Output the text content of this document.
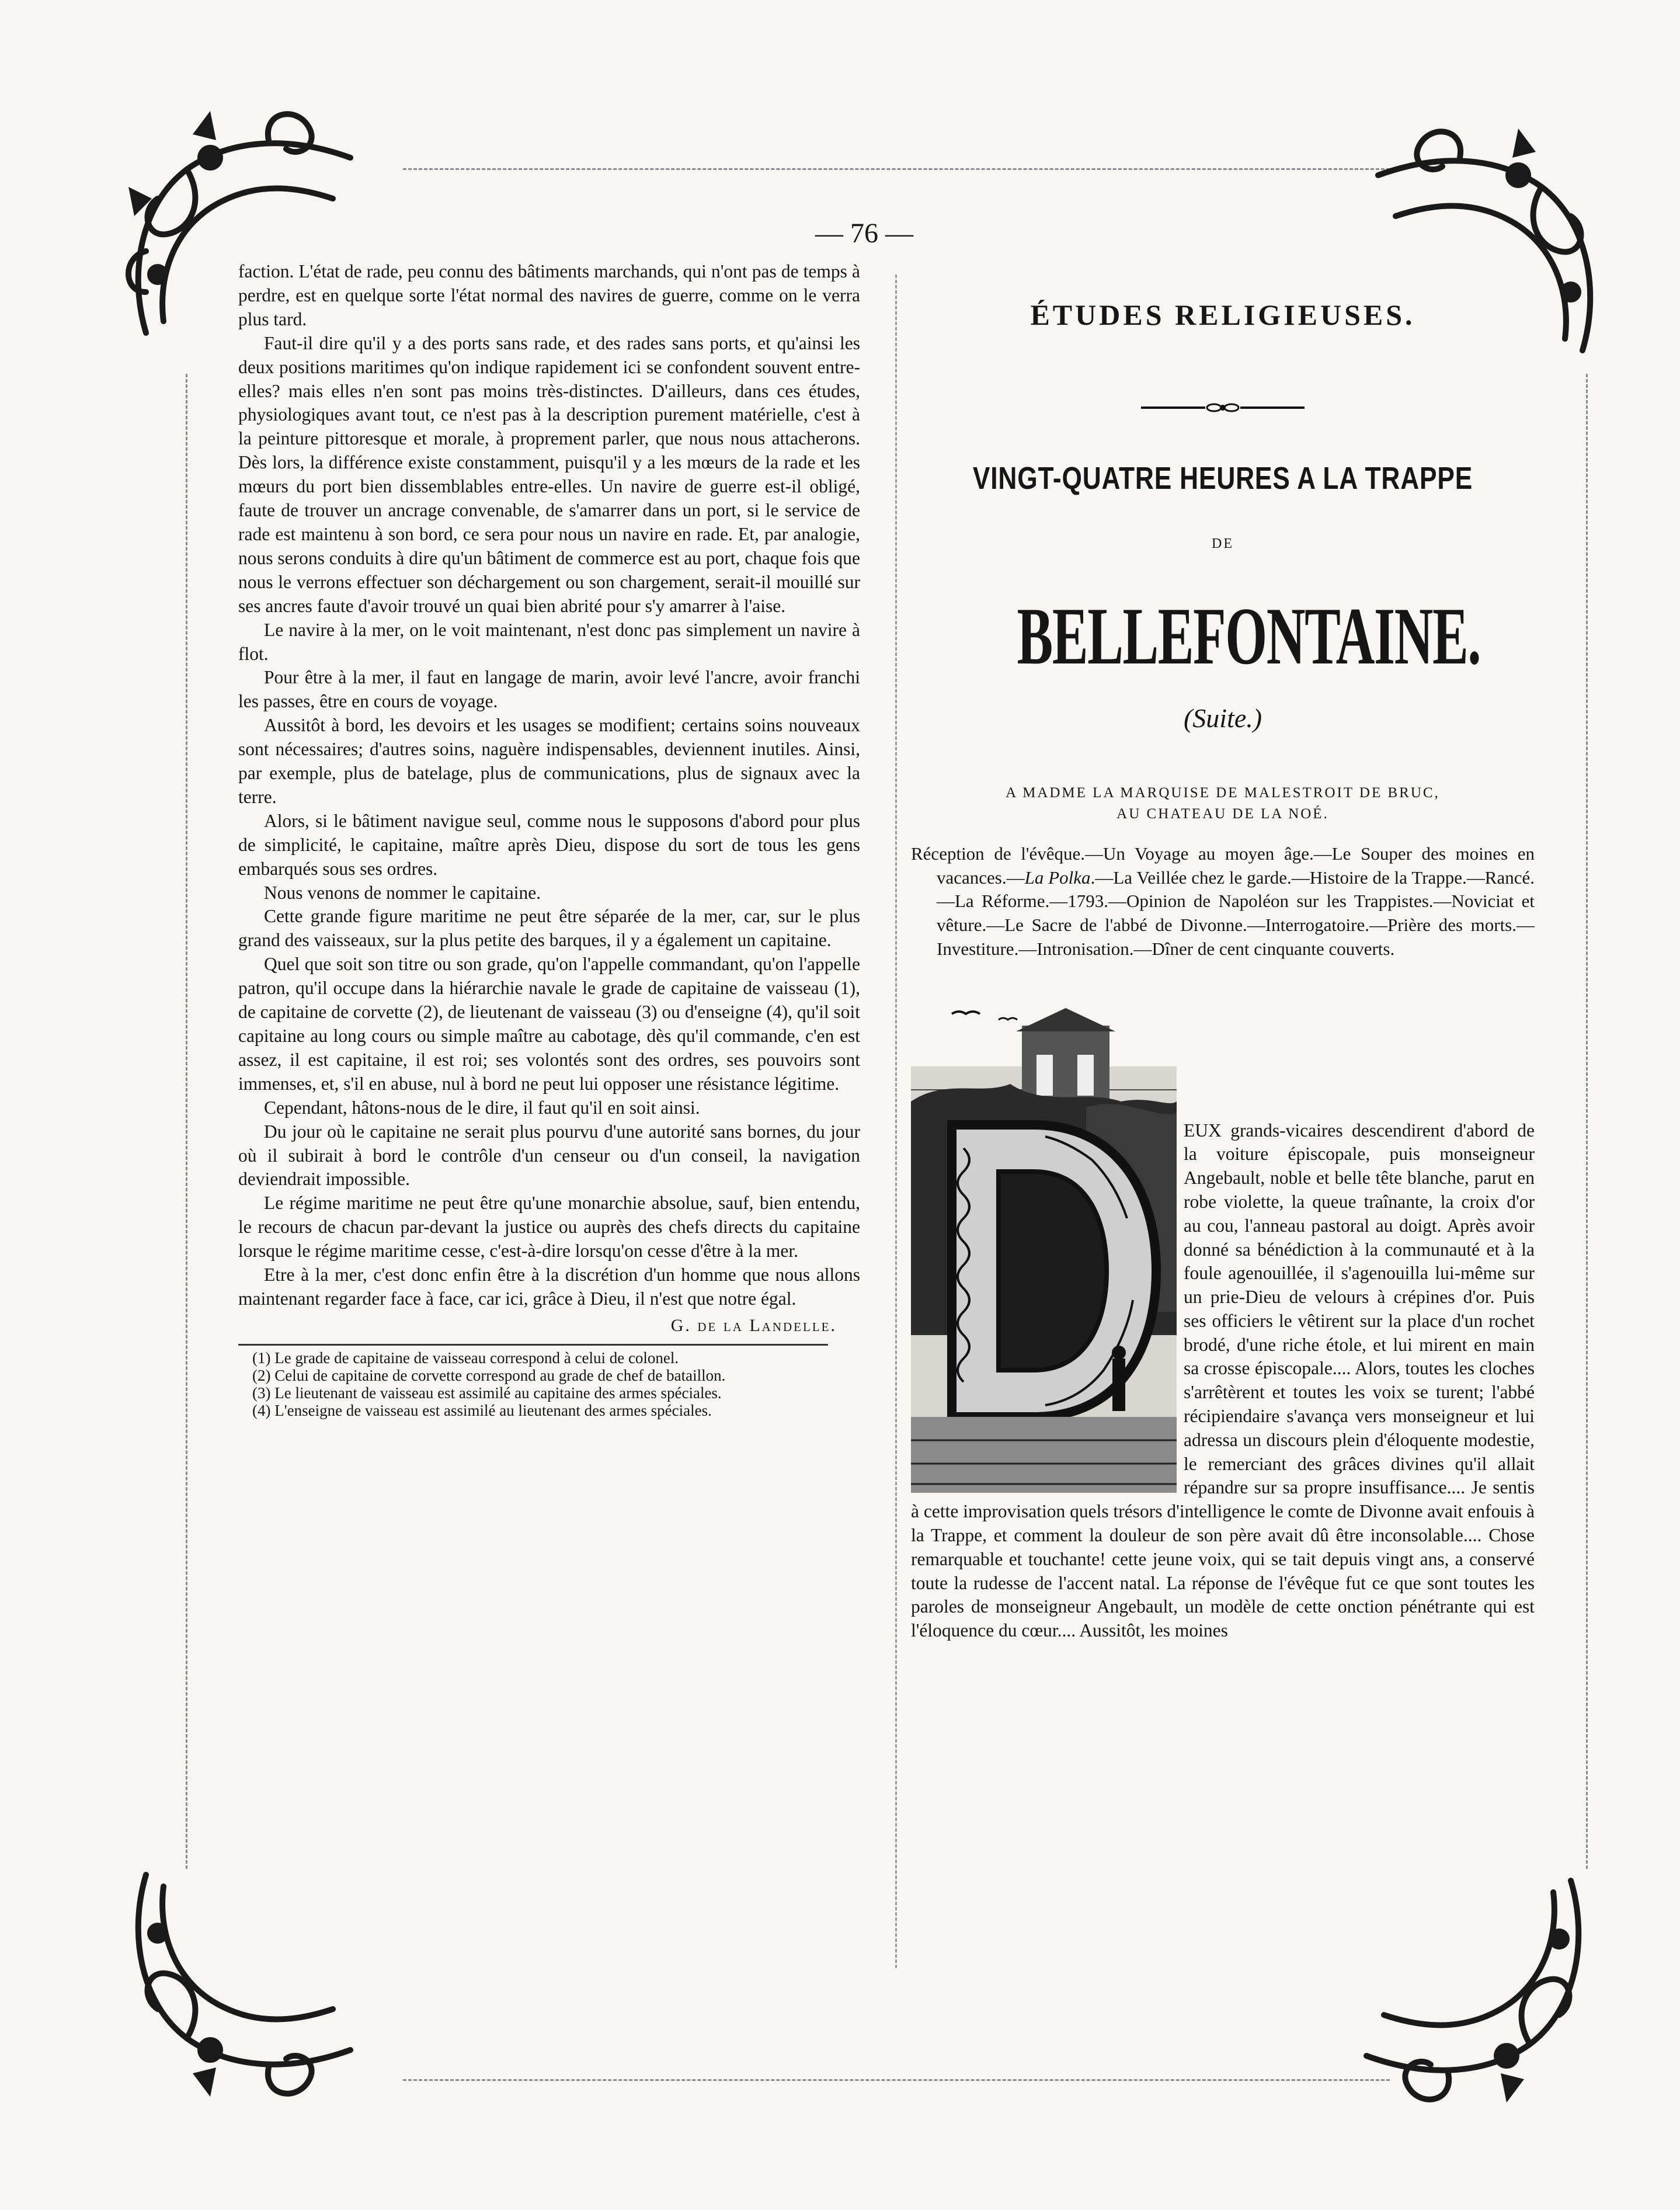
— 76 —

faction. L'état de rade, peu connu des bâtiments marchands, qui n'ont pas de temps à perdre, est en quelque sorte l'état normal des navires de guerre, comme on le verra plus tard.

Faut-il dire qu'il y a des ports sans rade, et des rades sans ports, et qu'ainsi les deux positions maritimes qu'on indique rapidement ici se confondent souvent entre-elles? mais elles n'en sont pas moins très-distinctes. D'ailleurs, dans ces études, physiologiques avant tout, ce n'est pas à la description purement matérielle, c'est à la peinture pittoresque et morale, à proprement parler, que nous nous attacherons. Dès lors, la différence existe constamment, puisqu'il y a les mœurs de la rade et les mœurs du port bien dissemblables entre-elles. Un navire de guerre est-il obligé, faute de trouver un ancrage convenable, de s'amarrer dans un port, si le service de rade est maintenu à son bord, ce sera pour nous un navire en rade. Et, par analogie, nous serons conduits à dire qu'un bâtiment de commerce est au port, chaque fois que nous le verrons effectuer son déchargement ou son chargement, serait-il mouillé sur ses ancres faute d'avoir trouvé un quai bien abrité pour s'y amarrer à l'aise.

Le navire à la mer, on le voit maintenant, n'est donc pas simplement un navire à flot.

Pour être à la mer, il faut en langage de marin, avoir levé l'ancre, avoir franchi les passes, être en cours de voyage.

Aussitôt à bord, les devoirs et les usages se modifient; certains soins nouveaux sont nécessaires; d'autres soins, naguère indispensables, deviennent inutiles. Ainsi, par exemple, plus de batelage, plus de communications, plus de signaux avec la terre.

Alors, si le bâtiment navigue seul, comme nous le supposons d'abord pour plus de simplicité, le capitaine, maître après Dieu, dispose du sort de tous les gens embarqués sous ses ordres.

Nous venons de nommer le capitaine.

Cette grande figure maritime ne peut être séparée de la mer, car, sur le plus grand des vaisseaux, sur la plus petite des barques, il y a également un capitaine.

Quel que soit son titre ou son grade, qu'on l'appelle commandant, qu'on l'appelle patron, qu'il occupe dans la hiérarchie navale le grade de capitaine de vaisseau (1), de capitaine de corvette (2), de lieutenant de vaisseau (3) ou d'enseigne (4), qu'il soit capitaine au long cours ou simple maître au cabotage, dès qu'il commande, c'en est assez, il est capitaine, il est roi; ses volontés sont des ordres, ses pouvoirs sont immenses, et, s'il en abuse, nul à bord ne peut lui opposer une résistance légitime.

Cependant, hâtons-nous de le dire, il faut qu'il en soit ainsi.

Du jour où le capitaine ne serait plus pourvu d'une autorité sans bornes, du jour où il subirait à bord le contrôle d'un censeur ou d'un conseil, la navigation deviendrait impossible.

Le régime maritime ne peut être qu'une monarchie absolue, sauf, bien entendu, le recours de chacun par-devant la justice ou auprès des chefs directs du capitaine lorsque le régime maritime cesse, c'est-à-dire lorsqu'on cesse d'être à la mer.

Etre à la mer, c'est donc enfin être à la discrétion d'un homme que nous allons maintenant regarder face à face, car ici, grâce à Dieu, il n'est que notre égal.

G. de la Landelle.

(1) Le grade de capitaine de vaisseau correspond à celui de colonel.

(2) Celui de capitaine de corvette correspond au grade de chef de bataillon.

(3) Le lieutenant de vaisseau est assimilé au capitaine des armes spéciales.

(4) L'enseigne de vaisseau est assimilé au lieutenant des armes spéciales.

ÉTUDES RELIGIEUSES.
VINGT-QUATRE HEURES A LA TRAPPE
DE
BELLEFONTAINE.
(Suite.)
A MADME LA MARQUISE DE MALESTROIT DE BRUC,
AU CHATEAU DE LA NOÉ.

Réception de l'évêque.—Un Voyage au moyen âge.—Le Souper des moines en vacances.—La Polka.—La Veillée chez le garde.—Histoire de la Trappe.—Rancé.—La Réforme.—1793.—Opinion de Napoléon sur les Trappistes.—Noviciat et vêture.—Le Sacre de l'abbé de Divonne.—Interrogatoire.—Prière des morts.—Investiture.—Intronisation.—Dîner de cent cinquante couverts.

EUX grands-vicaires descendirent d'abord de la voiture épiscopale, puis monseigneur Angebault, noble et belle tête blanche, parut en robe violette, la queue traînante, la croix d'or au cou, l'anneau pastoral au doigt. Après avoir donné sa bénédiction à la communauté et à la foule agenouillée, il s'agenouilla lui-même sur un prie-Dieu de velours à crépines d'or. Puis ses officiers le vêtirent sur la place d'un rochet brodé, d'une riche étole, et lui mirent en main sa crosse épiscopale.... Alors, toutes les cloches s'arrêtèrent et toutes les voix se turent; l'abbé récipiendaire s'avança vers monseigneur et lui adressa un discours plein d'éloquente modestie, le remerciant des grâces divines qu'il allait répandre sur sa propre insuffisance.... Je sentis à cette improvisation quels trésors d'intelligence le comte de Divonne avait enfouis à la Trappe, et comment la douleur de son père avait dû être inconsolable.... Chose remarquable et touchante! cette jeune voix, qui se tait depuis vingt ans, a conservé toute la rudesse de l'accent natal. La réponse de l'évêque fut ce que sont toutes les paroles de monseigneur Angebault, un modèle de cette onction pénétrante qui est l'éloquence du cœur.... Aussitôt, les moines
